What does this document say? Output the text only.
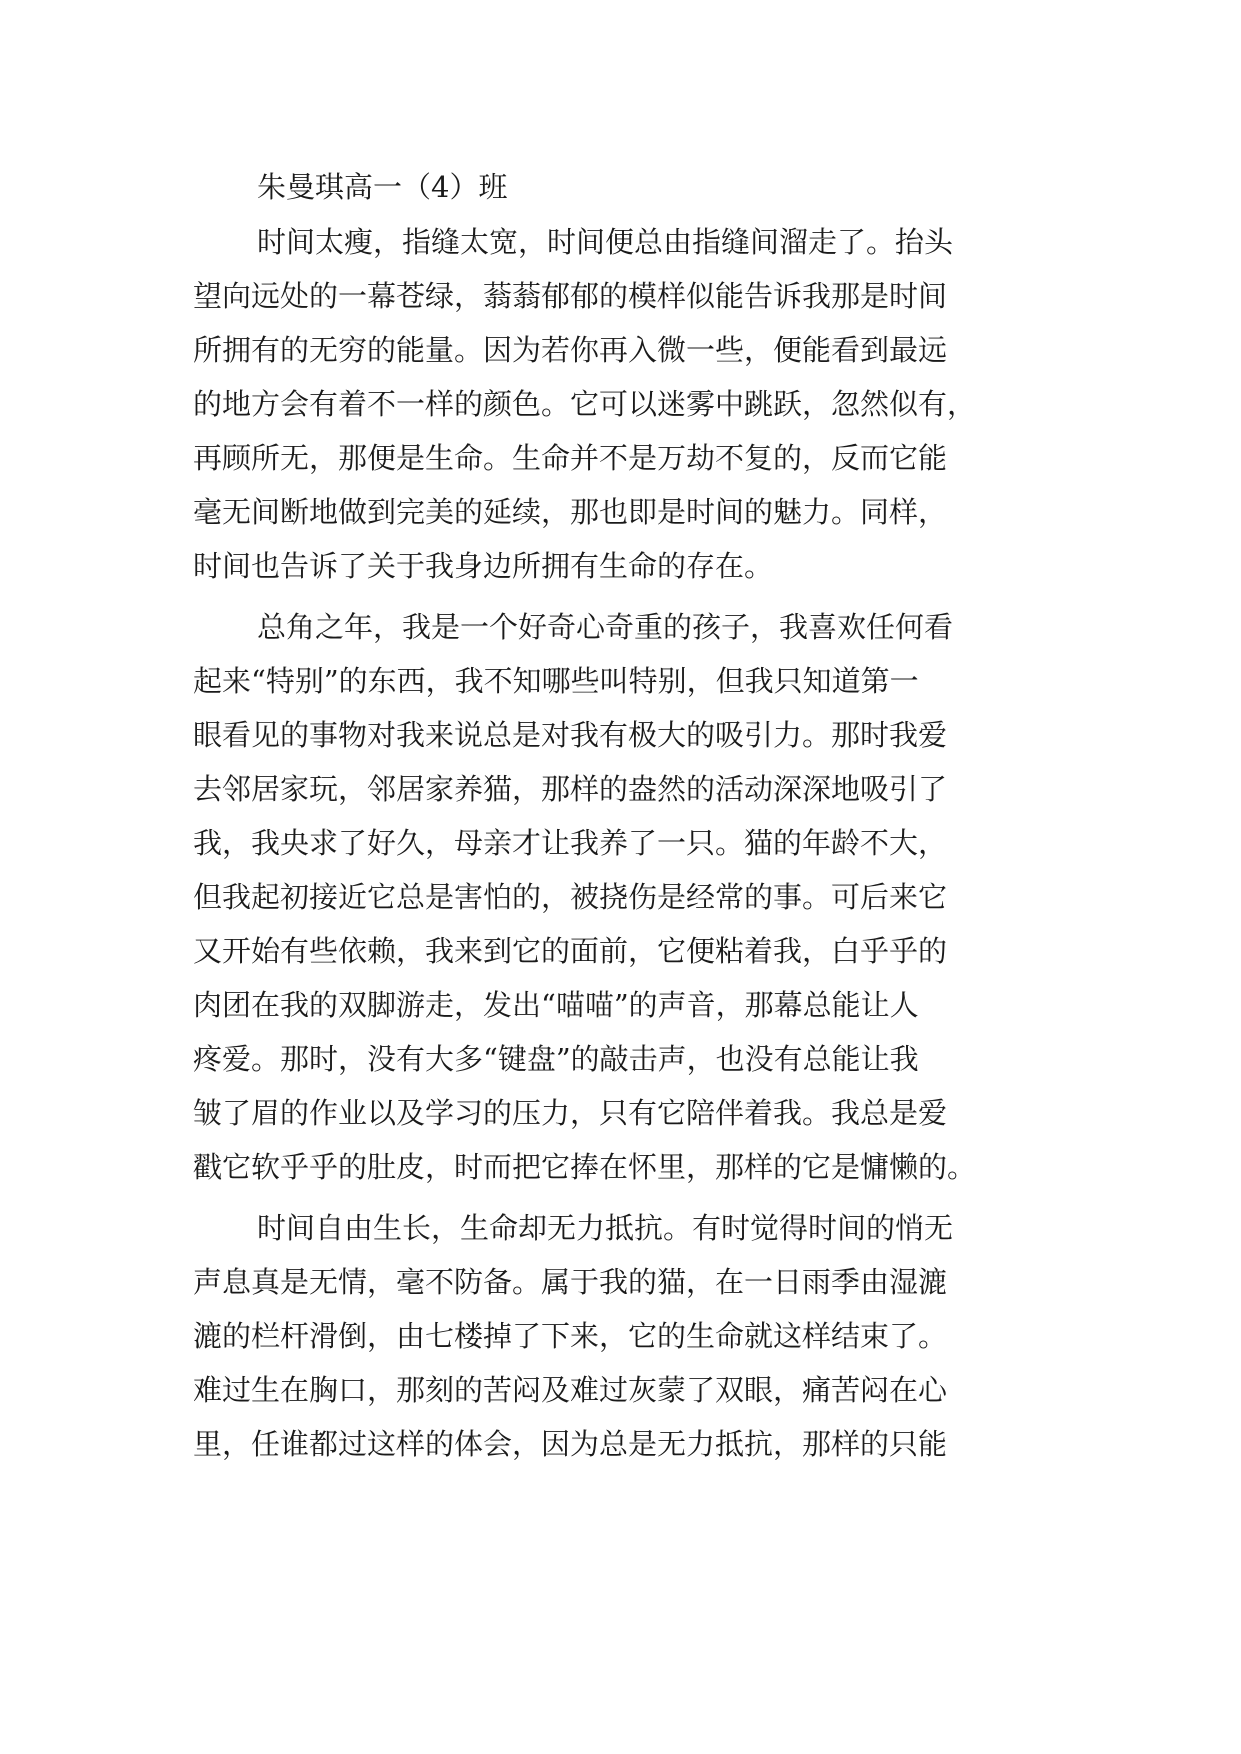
朱曼琪高一（4）班

时间太瘦，指缝太宽，时间便总由指缝间溜走了。抬头

望向远处的一幕苍绿，蓊蓊郁郁的模样似能告诉我那是时间

所拥有的无穷的能量。因为若你再入微一些，便能看到最远

的地方会有着不一样的颜色。它可以迷雾中跳跃，忽然似有，

再顾所无，那便是生命。生命并不是万劫不复的，反而它能

毫无间断地做到完美的延续，那也即是时间的魅力。同样，

时间也告诉了关于我身边所拥有生命的存在。

总角之年，我是一个好奇心奇重的孩子，我喜欢任何看

起来“特别”的东西，我不知哪些叫特别，但我只知道第一

眼看见的事物对我来说总是对我有极大的吸引力。那时我爱

去邻居家玩，邻居家养猫，那样的盎然的活动深深地吸引了

我，我央求了好久，母亲才让我养了一只。猫的年龄不大，

但我起初接近它总是害怕的，被挠伤是经常的事。可后来它

又开始有些依赖，我来到它的面前，它便粘着我，白乎乎的

肉团在我的双脚游走，发出“喵喵”的声音，那幕总能让人

疼爱。那时，没有大多“键盘”的敲击声，也没有总能让我

皱了眉的作业以及学习的压力，只有它陪伴着我。我总是爱

戳它软乎乎的肚皮，时而把它捧在怀里，那样的它是慵懒的。

时间自由生长，生命却无力抵抗。有时觉得时间的悄无

声息真是无情，毫不防备。属于我的猫，在一日雨季由湿漉

漉的栏杆滑倒，由七楼掉了下来，它的生命就这样结束了。

难过生在胸口，那刻的苦闷及难过灰蒙了双眼，痛苦闷在心

里，任谁都过这样的体会，因为总是无力抵抗，那样的只能
